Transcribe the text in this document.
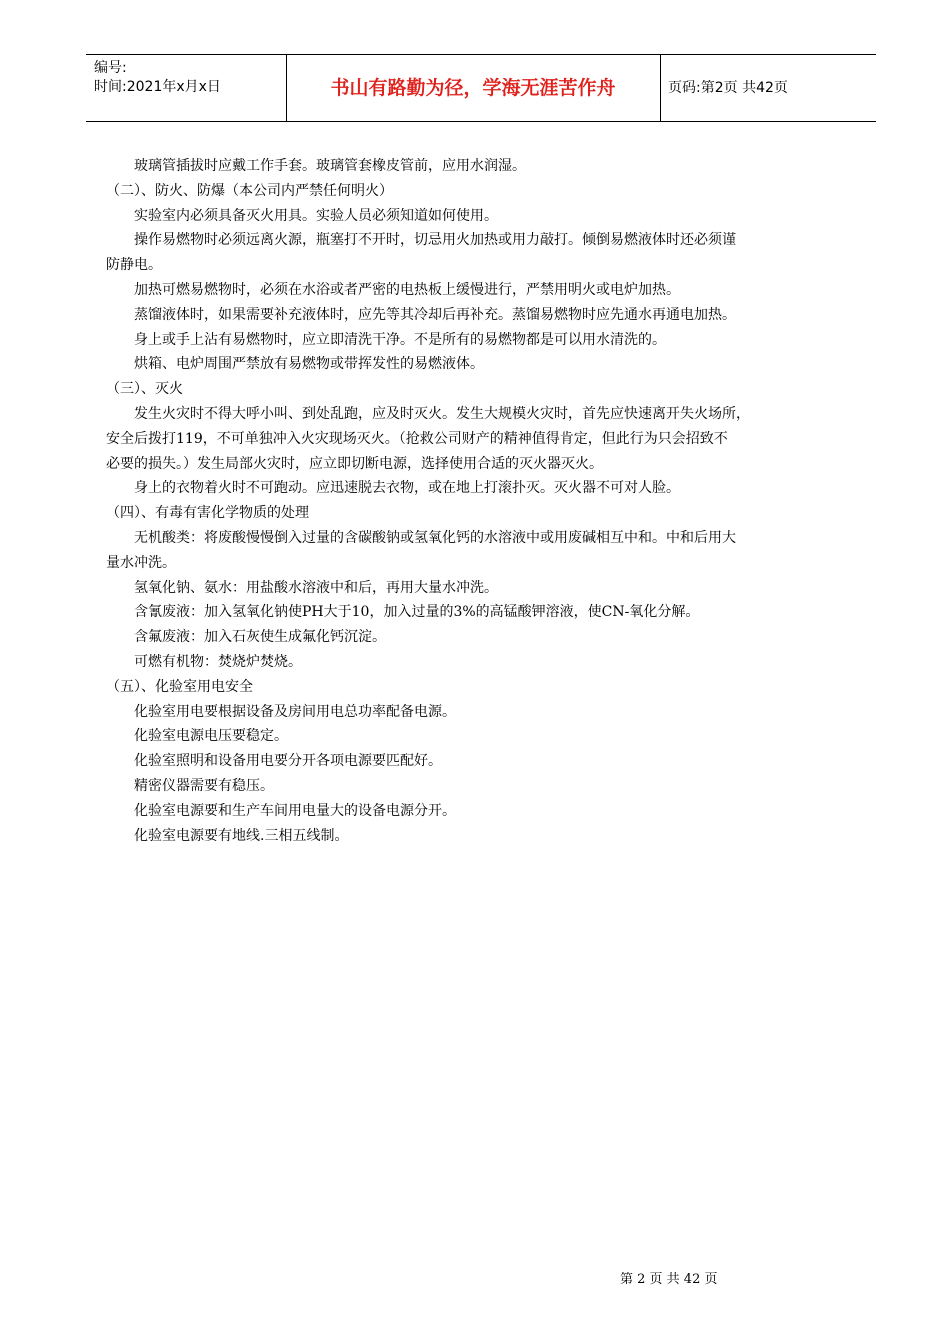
编号:
时间:2021年x月x日	书山有路勤为径，学海无涯苦作舟	页码:第2页 共42页
玻璃管插拔时应戴工作手套。玻璃管套橡皮管前，应用水润湿。
（二）、防火、防爆（本公司内严禁任何明火）
实验室内必须具备灭火用具。实验人员必须知道如何使用。
操作易燃物时必须远离火源，瓶塞打不开时，切忌用火加热或用力敲打。倾倒易燃液体时还必须谨
防静电。
加热可燃易燃物时，必须在水浴或者严密的电热板上缓慢进行，严禁用明火或电炉加热。
蒸馏液体时，如果需要补充液体时，应先等其冷却后再补充。蒸馏易燃物时应先通水再通电加热。
身上或手上沾有易燃物时，应立即清洗干净。不是所有的易燃物都是可以用水清洗的。
烘箱、电炉周围严禁放有易燃物或带挥发性的易燃液体。
（三）、灭火
发生火灾时不得大呼小叫、到处乱跑，应及时灭火。发生大规模火灾时，首先应快速离开失火场所，
安全后拨打119，不可单独冲入火灾现场灭火。（抢救公司财产的精神值得肯定，但此行为只会招致不
必要的损失。）发生局部火灾时，应立即切断电源，选择使用合适的灭火器灭火。
身上的衣物着火时不可跑动。应迅速脱去衣物，或在地上打滚扑灭。灭火器不可对人脸。
（四）、有毒有害化学物质的处理
无机酸类：将废酸慢慢倒入过量的含碳酸钠或氢氧化钙的水溶液中或用废碱相互中和。中和后用大
量水冲洗。
氢氧化钠、氨水：用盐酸水溶液中和后，再用大量水冲洗。
含氰废液：加入氢氧化钠使PH大于10，加入过量的3%的高锰酸钾溶液，使CN-氧化分解。
含氟废液：加入石灰使生成氟化钙沉淀。
可燃有机物：焚烧炉焚烧。
（五）、化验室用电安全
化验室用电要根据设备及房间用电总功率配备电源。
化验室电源电压要稳定。
化验室照明和设备用电要分开各项电源要匹配好。
精密仪器需要有稳压。
化验室电源要和生产车间用电量大的设备电源分开。
化验室电源要有地线.三相五线制。
第 2 页 共 42 页
